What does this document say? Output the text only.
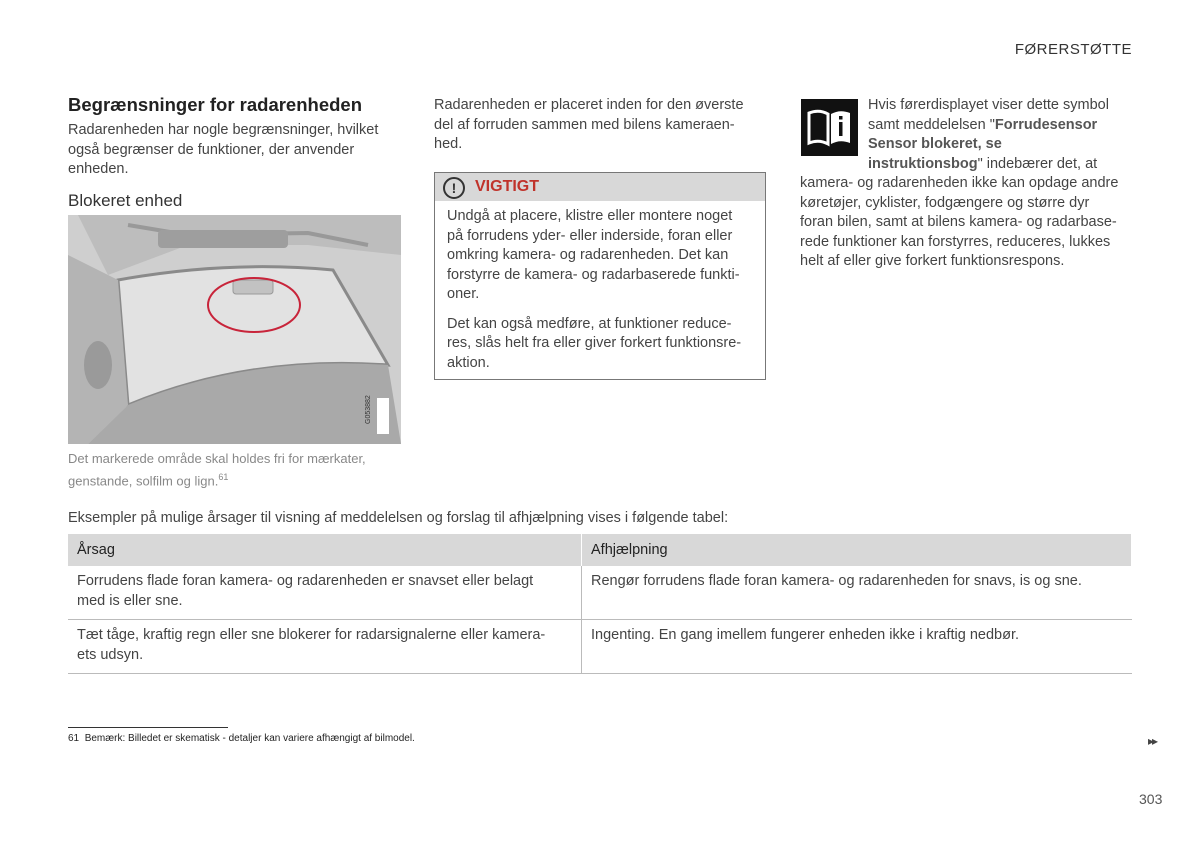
FØRERSTØTTE
Begrænsninger for radarenheden

Radarenheden har nogle begrænsninger, hvilket
også begrænser de funktioner, der anvender
enheden.

Blokeret enhed
Det markerede område skal holdes fri for mærkater,
genstande, solfilm og lign.$^{61}$

Radarenheden er placeret inden for den øverste
del af forruden sammen med bilens kameraen-
hed.

!	VIGTIGT

Undgå at placere, klistre eller montere noget
på forrudens yder- eller inderside, foran eller
omkring kamera- og radarenheden. Det kan
forstyrre de kamera- og radarbaserede funkti-
oner.

Det kan også medføre, at funktioner reduce-
res, slås helt fra eller giver forkert funktionsre-
aktion.

Hvis førerdisplayet viser dette symbol
samt meddelelsen "Forrudesensor
Sensor blokeret, se
instruktionsbog" indebærer det, at
kamera- og radarenheden ikke kan opdage andre
køretøjer, cyklister, fodgængere og større dyr
foran bilen, samt at bilens kamera- og radarbase-
rede funktioner kan forstyrres, reduceres, lukkes
helt af eller give forkert funktionsrespons.
Eksempler på mulige årsager til visning af meddelelsen og forslag til afhjælpning vises i følgende tabel:
Årsag	Afhjælpning
Forrudens flade foran kamera- og radarenheden er snavset eller belagt
med is eller sne.	Rengør forrudens flade foran kamera- og radarenheden for snavs, is og sne.
Tæt tåge, kraftig regn eller sne blokerer for radarsignalerne eller kamera-
ets udsyn.	Ingenting. En gang imellem fungerer enheden ikke i kraftig nedbør.
61 Bemærk: Billedet er skematisk - detaljer kan variere afhængigt af bilmodel.	▸▸
303
